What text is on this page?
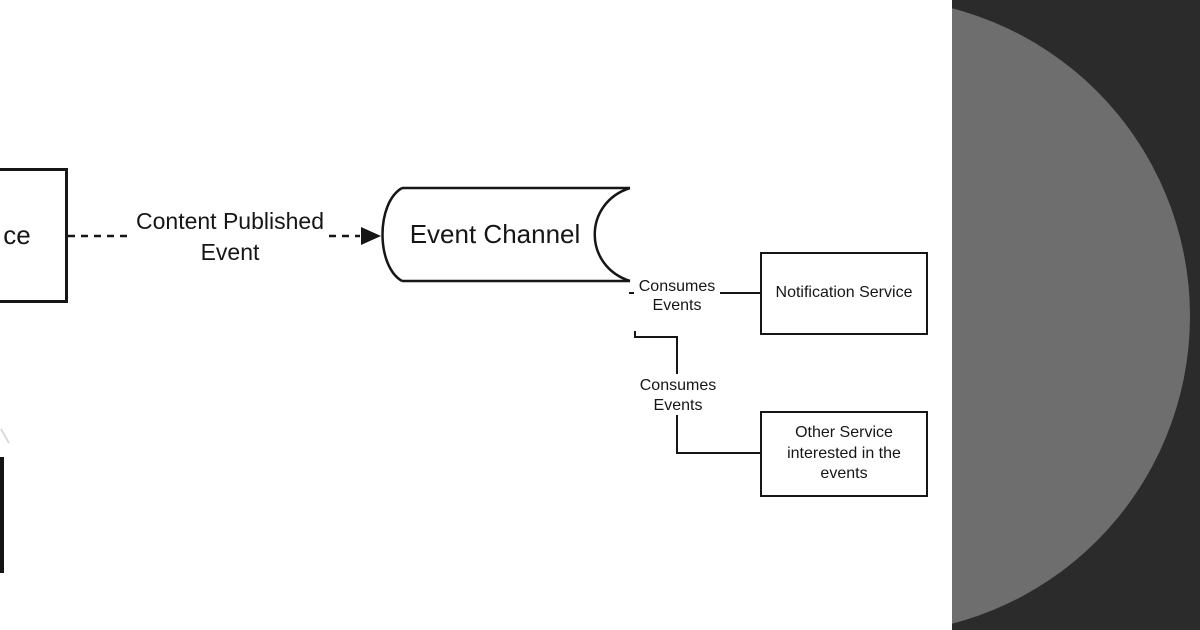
ce	Content Published
Event
Event Channel
Consumes
Events
Consumes
Events
Notification Service
Other Service interested in the events
